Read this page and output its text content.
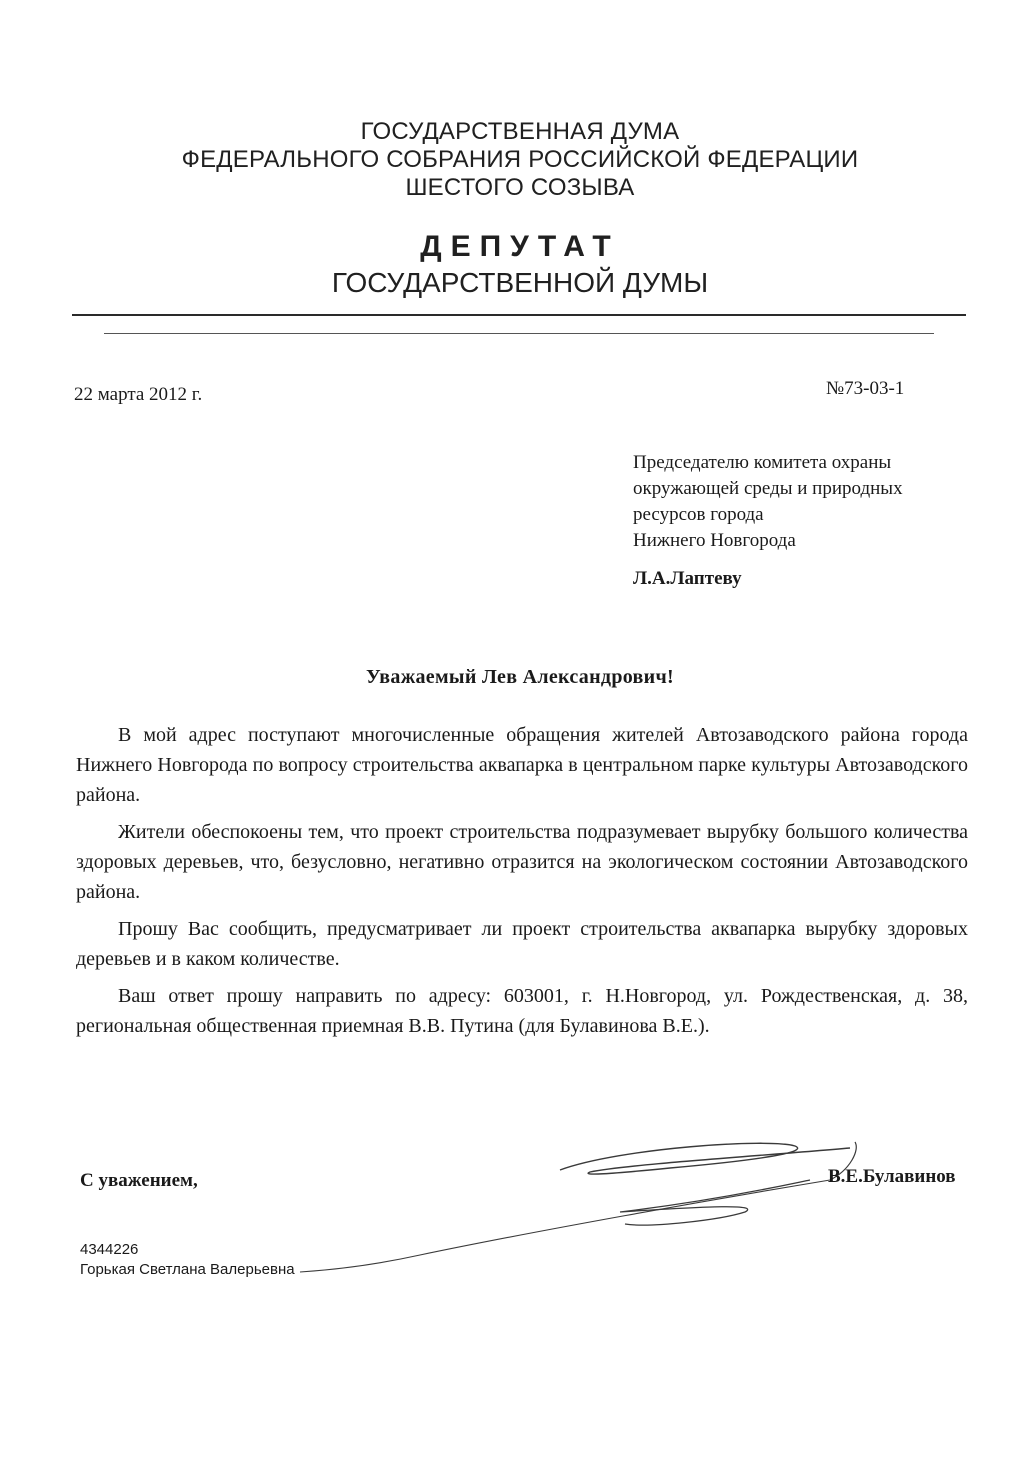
ГОСУДАРСТВЕННАЯ ДУМА
ФЕДЕРАЛЬНОГО СОБРАНИЯ РОССИЙСКОЙ ФЕДЕРАЦИИ
ШЕСТОГО СОЗЫВА
ДЕПУТАТ
ГОСУДАРСТВЕННОЙ ДУМЫ
22 марта 2012 г.	№73-03-1
Председателю комитета охраны
окружающей среды и природных
ресурсов города
Нижнего Новгорода
Л.А.Лаптеву
Уважаемый Лев Александрович!

В мой адрес поступают многочисленные обращения жителей Автозаводского района города Нижнего Новгорода по вопросу строительства аквапарка в центральном парке культуры Автозаводского района.

Жители обеспокоены тем, что проект строительства подразумевает вырубку большого количества здоровых деревьев, что, безусловно, негативно отразится на экологическом состоянии Автозаводского района.

Прошу Вас сообщить, предусматривает ли проект строительства аквапарка вырубку здоровых деревьев и в каком количестве.

Ваш ответ прошу направить по адресу: 603001, г. Н.Новгород, ул. Рождественская, д. 38, региональная общественная приемная В.В. Путина (для Булавинова В.Е.).

С уважением,	В.Е.Булавинов
4344226
Горькая Светлана Валерьевна
